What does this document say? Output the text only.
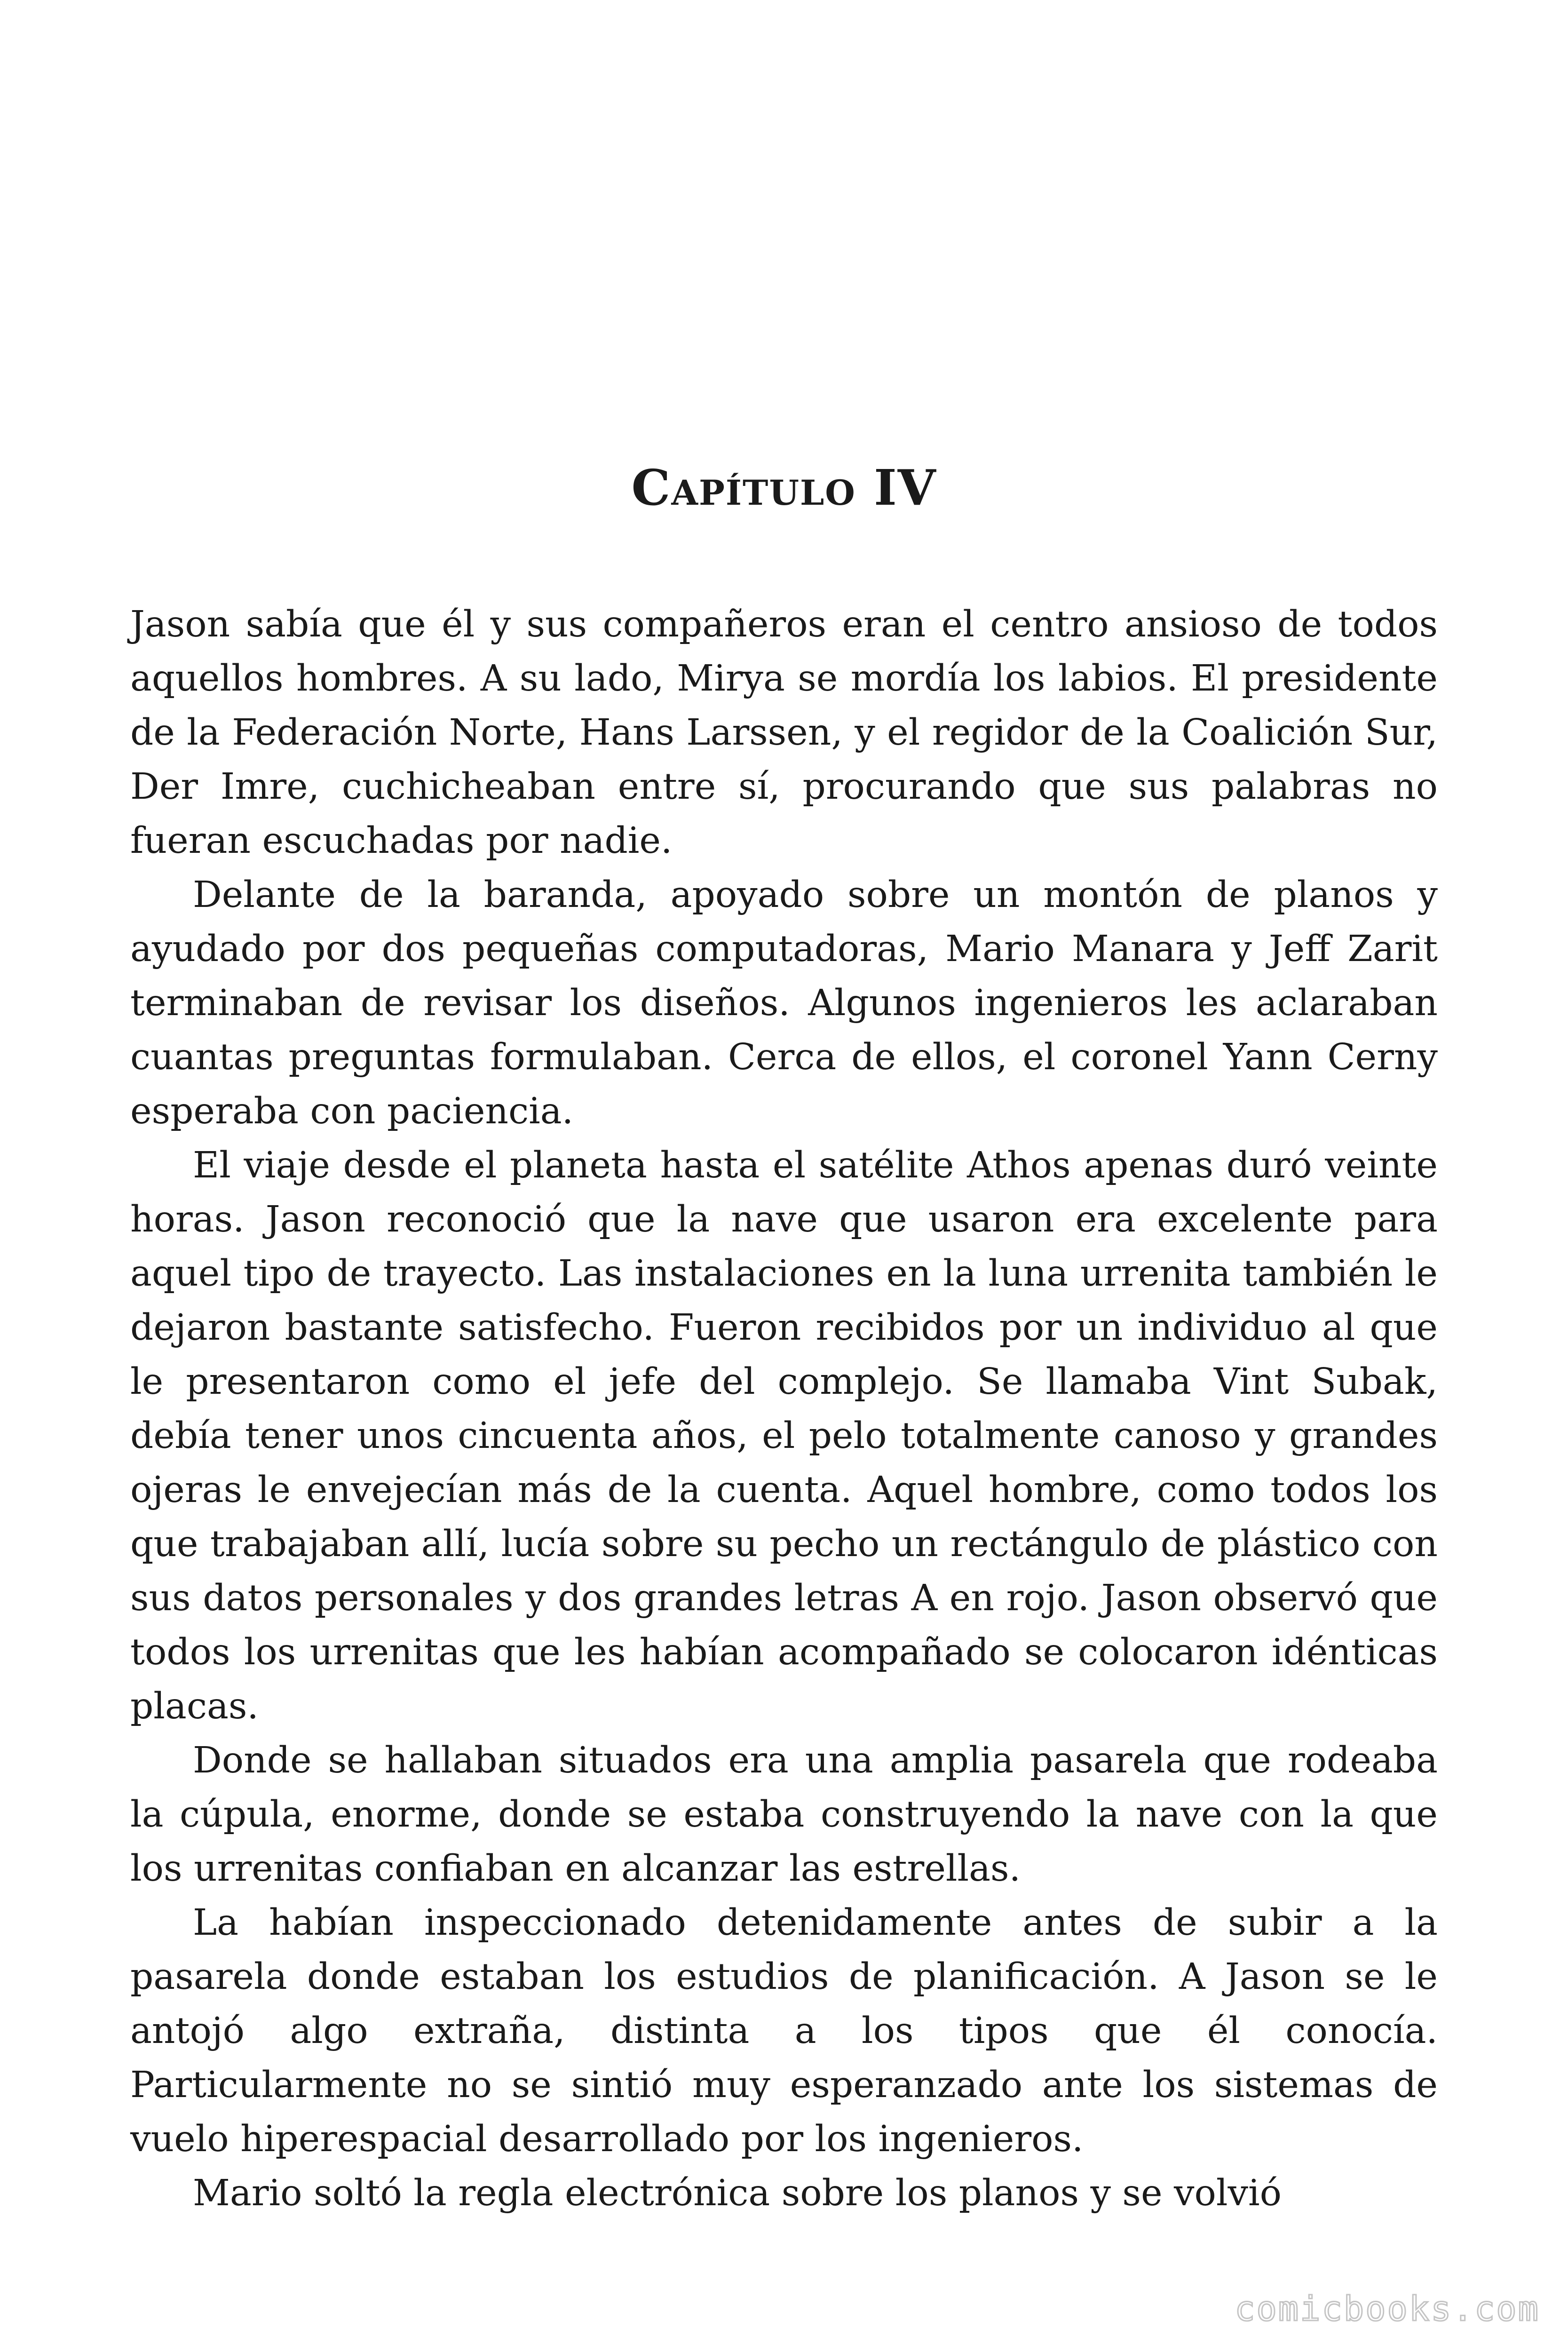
Capítulo IV

Jason sabía que él y sus compañeros eran el centro ansioso de todos aquellos hombres. A su lado, Mirya se mordía los labios. El presidente de la Federación Norte, Hans Larssen, y el regidor de la Coalición Sur, Der Imre, cuchicheaban entre sí, procurando que sus palabras no fueran escuchadas por nadie.

Delante de la baranda, apoyado sobre un montón de planos y ayudado por dos pequeñas computadoras, Mario Manara y Jeff Zarit terminaban de revisar los diseños. Algunos ingenieros les aclaraban cuantas preguntas formulaban. Cerca de ellos, el coronel Yann Cerny esperaba con paciencia.

El viaje desde el planeta hasta el satélite Athos apenas duró veinte horas. Jason reconoció que la nave que usaron era excelente para aquel tipo de trayecto. Las instalaciones en la luna urrenita también le dejaron bastante satisfecho. Fueron recibidos por un individuo al que le presentaron como el jefe del complejo. Se llamaba Vint Subak, debía tener unos cincuenta años, el pelo totalmente canoso y grandes ojeras le envejecían más de la cuenta. Aquel hombre, como todos los que trabajaban allí, lucía sobre su pecho un rectángulo de plástico con sus datos personales y dos grandes letras A en rojo. Jason observó que todos los urrenitas que les habían acompañado se colocaron idénticas placas.

Donde se hallaban situados era una amplia pasarela que rodeaba la cúpula, enorme, donde se estaba construyendo la nave con la que los urrenitas confiaban en alcanzar las estrellas.

La habían inspeccionado detenidamente antes de subir a la pasarela donde estaban los estudios de planificación. A Jason se le antojó algo extraña, distinta a los tipos que él conocía. Particularmente no se sintió muy esperanzado ante los sistemas de vuelo hiperespacial desarrollado por los ingenieros.

Mario soltó la regla electrónica sobre los planos y se volvió

comicbooks.com
